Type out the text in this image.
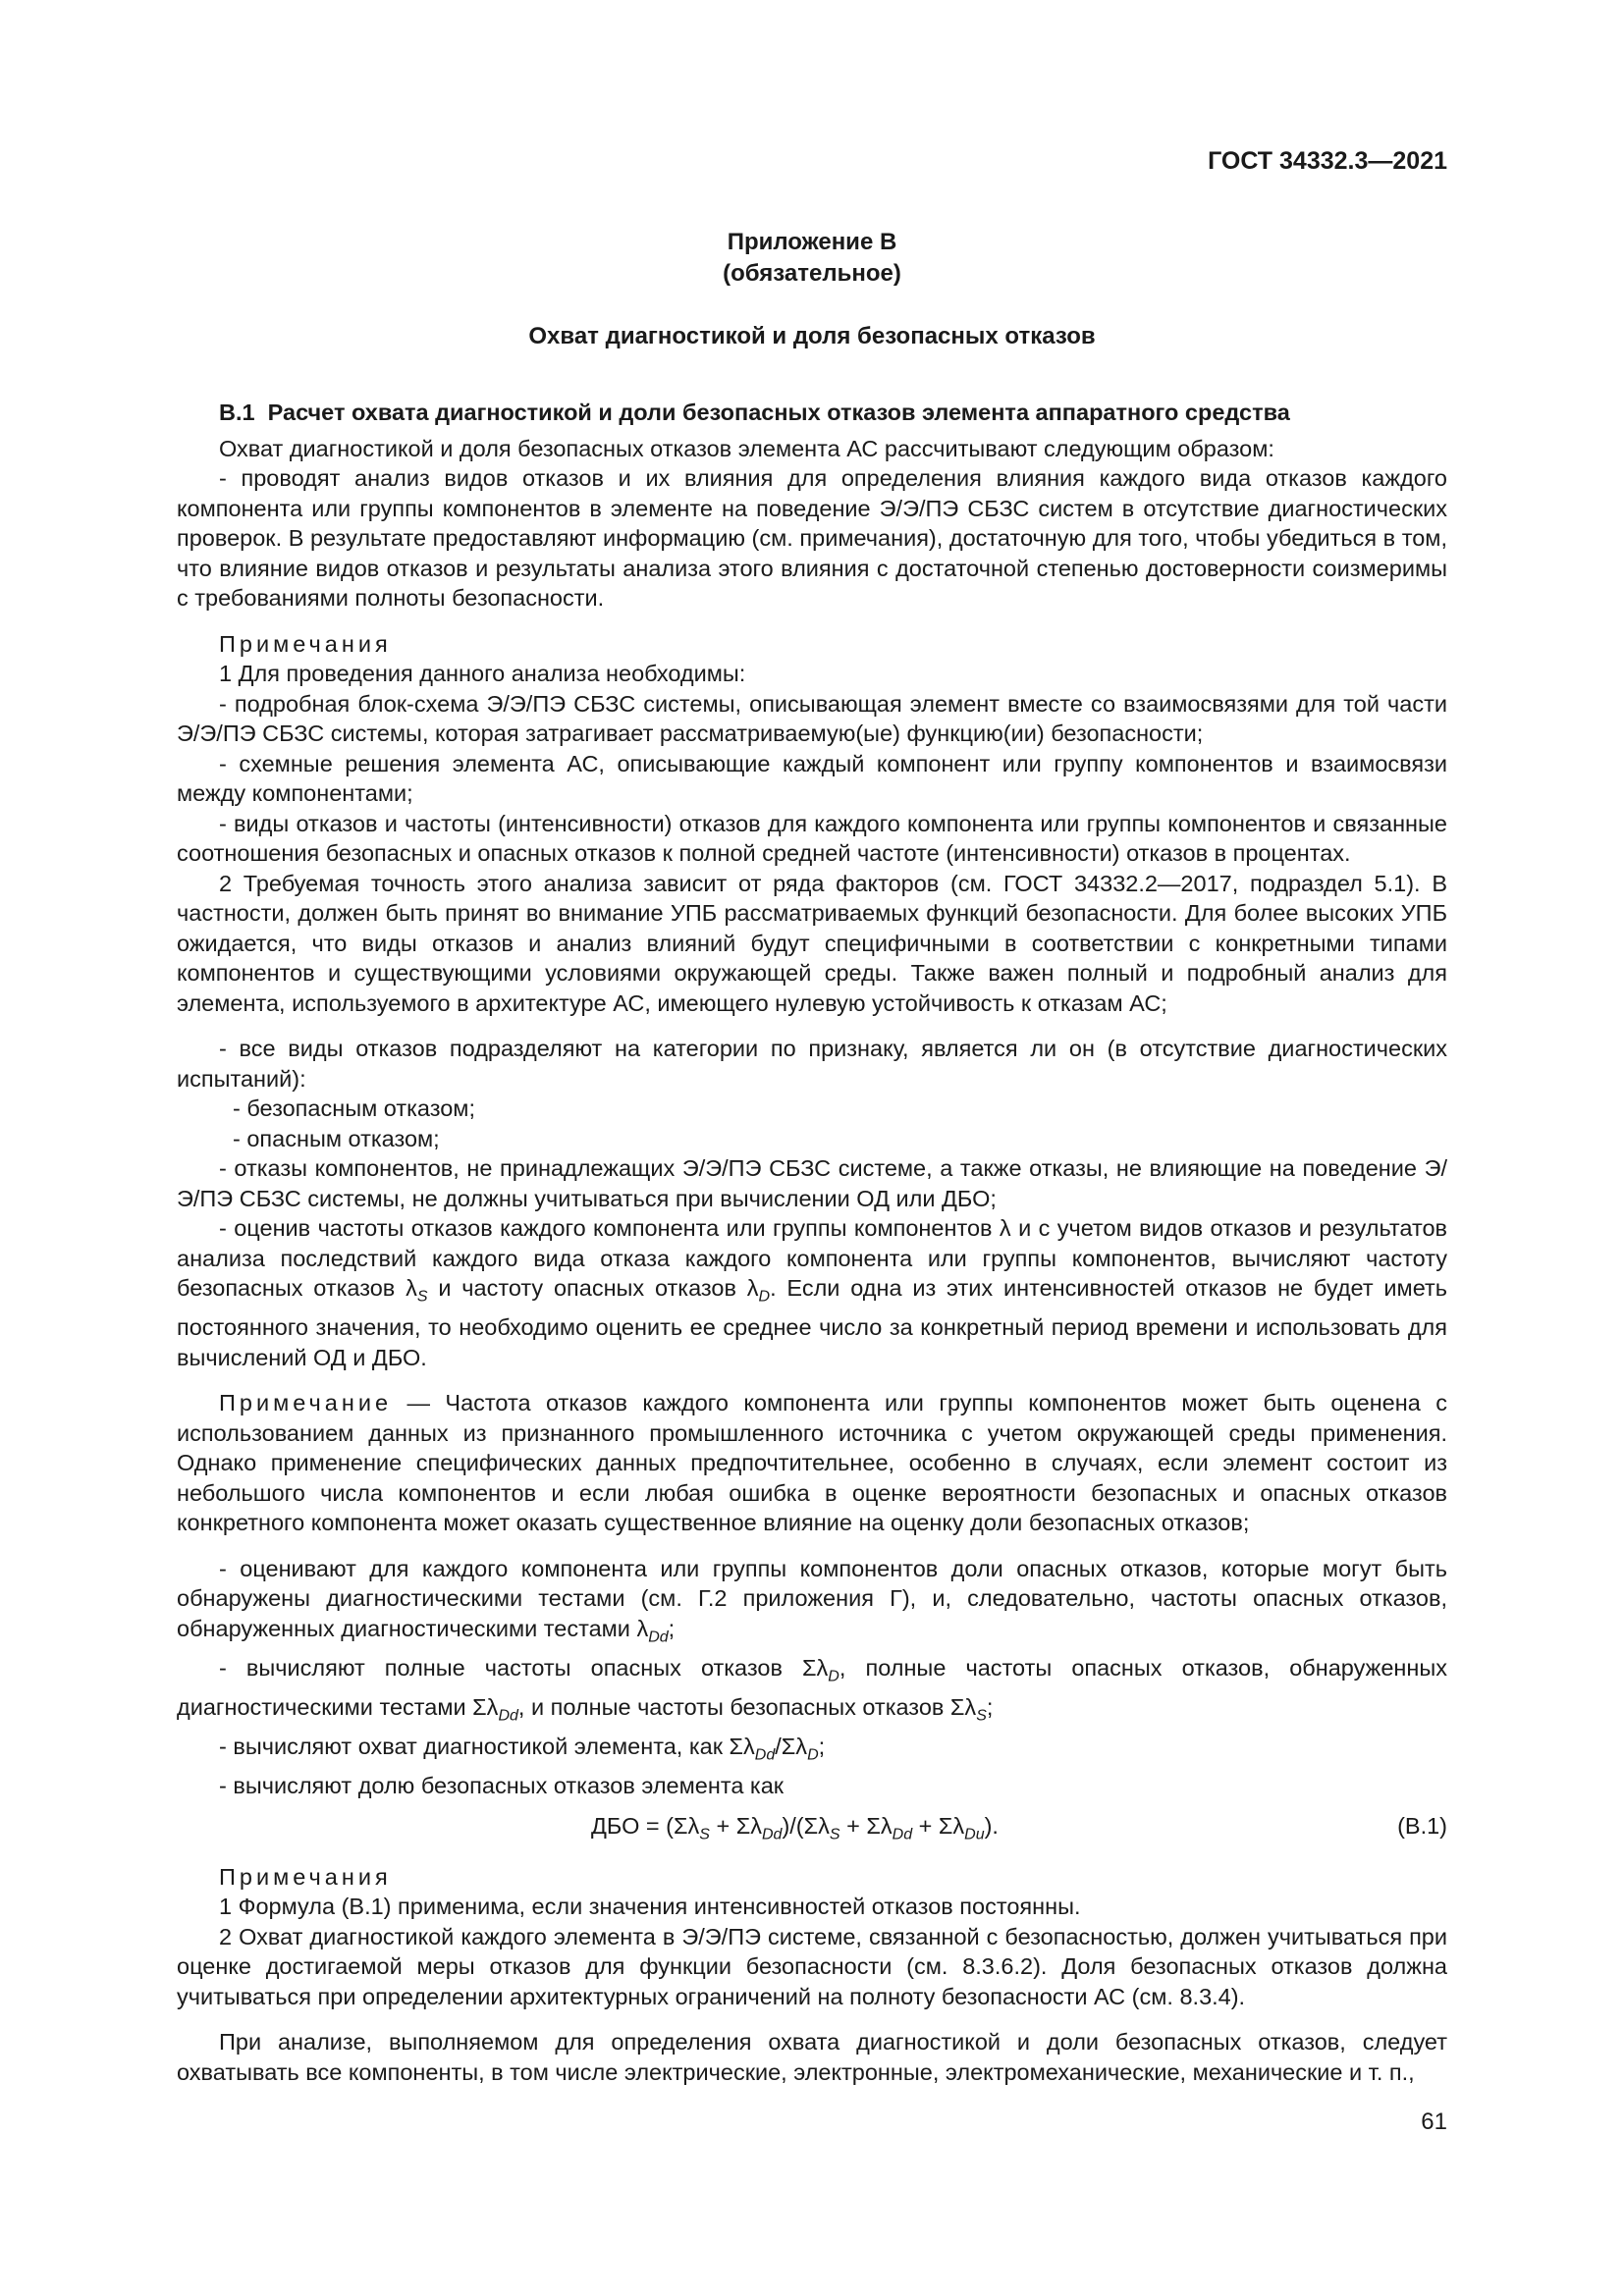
ГОСТ 34332.3—2021
Приложение В
(обязательное)
Охват диагностикой и доля безопасных отказов

В.1 Расчет охвата диагностикой и доли безопасных отказов элемента аппаратного средства

Охват диагностикой и доля безопасных отказов элемента АС рассчитывают следующим образом:

- проводят анализ видов отказов и их влияния для определения влияния каждого вида отказов каждого компонента или группы компонентов в элементе на поведение Э/Э/ПЭ СБЗС систем в отсутствие диагностических проверок. В результате предоставляют информацию (см. примечания), достаточную для того, чтобы убедиться в том, что влияние видов отказов и результаты анализа этого влияния с достаточной степенью достоверности соизмеримы с требованиями полноты безопасности.

Примечания

1 Для проведения данного анализа необходимы:

- подробная блок-схема Э/Э/ПЭ СБЗС системы, описывающая элемент вместе со взаимосвязями для той части Э/Э/ПЭ СБЗС системы, которая затрагивает рассматриваемую(ые) функцию(ии) безопасности;

- схемные решения элемента АС, описывающие каждый компонент или группу компонентов и взаимосвязи между компонентами;

- виды отказов и частоты (интенсивности) отказов для каждого компонента или группы компонентов и связанные соотношения безопасных и опасных отказов к полной средней частоте (интенсивности) отказов в процентах.

2 Требуемая точность этого анализа зависит от ряда факторов (см. ГОСТ 34332.2—2017, подраздел 5.1). В частности, должен быть принят во внимание УПБ рассматриваемых функций безопасности. Для более высоких УПБ ожидается, что виды отказов и анализ влияний будут специфичными в соответствии с конкретными типами компонентов и существующими условиями окружающей среды. Также важен полный и подробный анализ для элемента, используемого в архитектуре АС, имеющего нулевую устойчивость к отказам АС;

- все виды отказов подразделяют на категории по признаку, является ли он (в отсутствие диагностических испытаний):

- безопасным отказом;

- опасным отказом;

- отказы компонентов, не принадлежащих Э/Э/ПЭ СБЗС системе, а также отказы, не влияющие на поведение Э/Э/ПЭ СБЗС системы, не должны учитываться при вычислении ОД или ДБО;

- оценив частоты отказов каждого компонента или группы компонентов λ и с учетом видов отказов и результатов анализа последствий каждого вида отказа каждого компонента или группы компонентов, вычисляют частоту безопасных отказов $\lambda_S$ и частоту опасных отказов $\lambda_D$. Если одна из этих интенсивностей отказов не будет иметь постоянного значения, то необходимо оценить ее среднее число за конкретный период времени и использовать для вычислений ОД и ДБО.

Примечание — Частота отказов каждого компонента или группы компонентов может быть оценена с использованием данных из признанного промышленного источника с учетом окружающей среды применения. Однако применение специфических данных предпочтительнее, особенно в случаях, если элемент состоит из небольшого числа компонентов и если любая ошибка в оценке вероятности безопасных и опасных отказов конкретного компонента может оказать существенное влияние на оценку доли безопасных отказов;

- оценивают для каждого компонента или группы компонентов доли опасных отказов, которые могут быть обнаружены диагностическими тестами (см. Г.2 приложения Г), и, следовательно, частоты опасных отказов, обнаруженных диагностическими тестами $\lambda_{Dd}$;

- вычисляют полные частоты опасных отказов $\Sigma\lambda_D$, полные частоты опасных отказов, обнаруженных диагностическими тестами $\Sigma\lambda_{Dd}$, и полные частоты безопасных отказов $\Sigma\lambda_S$;

- вычисляют охват диагностикой элемента, как $\Sigma\lambda_{Dd}/\Sigma\lambda_D$;

- вычисляют долю безопасных отказов элемента как

ДБО = $(\Sigma\lambda_S + \Sigma\lambda_{Dd})/(\Sigma\lambda_S + \Sigma\lambda_{Dd} + \Sigma\lambda_{Du})$.	(В.1)

Примечания

1 Формула (В.1) применима, если значения интенсивностей отказов постоянны.

2 Охват диагностикой каждого элемента в Э/Э/ПЭ системе, связанной с безопасностью, должен учитываться при оценке достигаемой меры отказов для функции безопасности (см. 8.3.6.2). Доля безопасных отказов должна учитываться при определении архитектурных ограничений на полноту безопасности АС (см. 8.3.4).

При анализе, выполняемом для определения охвата диагностикой и доли безопасных отказов, следует охватывать все компоненты, в том числе электрические, электронные, электромеханические, механические и т. п.,

61
